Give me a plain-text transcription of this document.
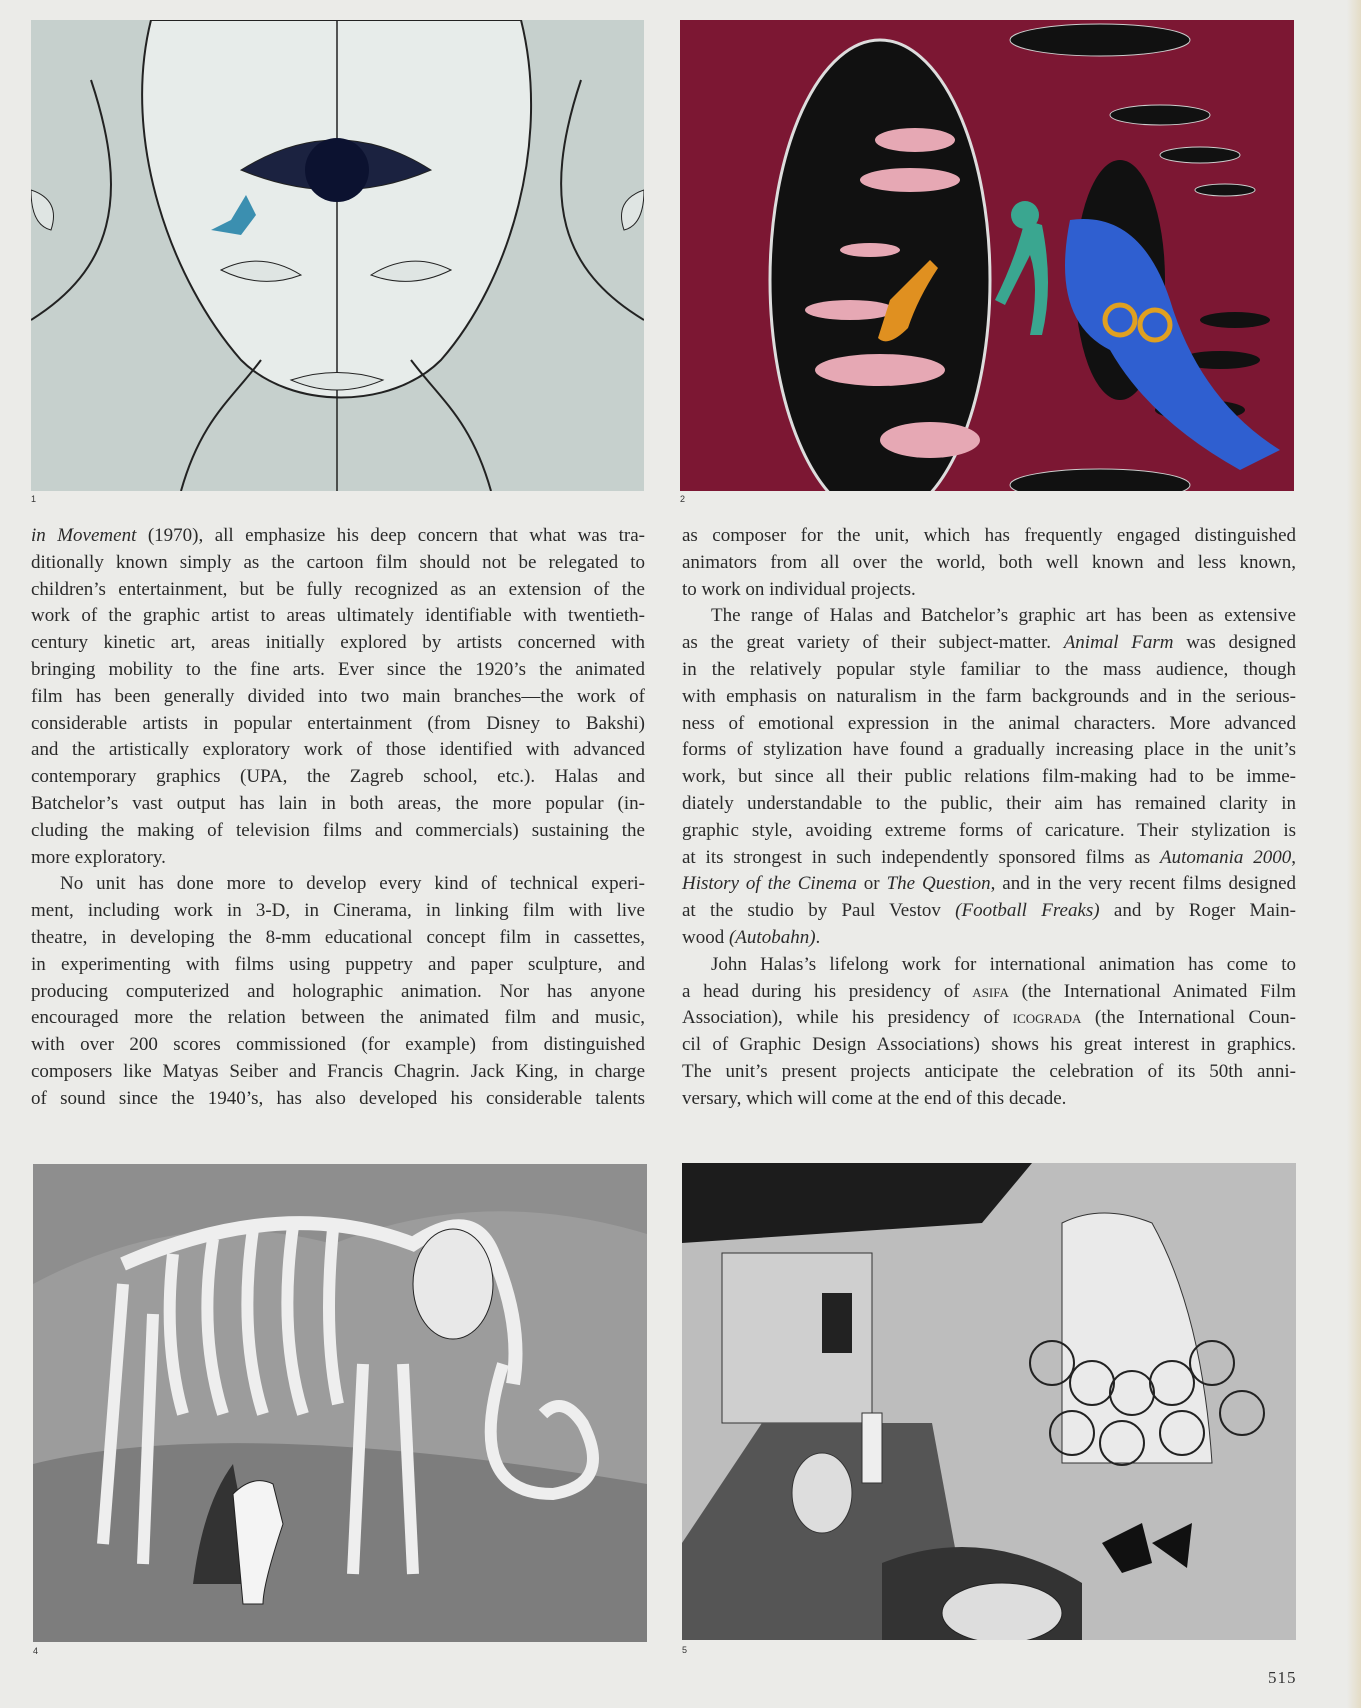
1	2
in Movement (1970), all emphasize his deep concern that what was tra-
ditionally known simply as the cartoon film should not be relegated to
children’s entertainment, but be fully recognized as an extension of the
work of the graphic artist to areas ultimately identifiable with twentieth-
century kinetic art, areas initially explored by artists concerned with
bringing mobility to the fine arts. Ever since the 1920’s the animated
film has been generally divided into two main branches—the work of
considerable artists in popular entertainment (from Disney to Bakshi)
and the artistically exploratory work of those identified with advanced
contemporary graphics (UPA, the Zagreb school, etc.). Halas and
Batchelor’s vast output has lain in both areas, the more popular (in-
cluding the making of television films and commercials) sustaining the
more exploratory.
No unit has done more to develop every kind of technical experi-
ment, including work in 3-D, in Cinerama, in linking film with live
theatre, in developing the 8-mm educational concept film in cassettes,
in experimenting with films using puppetry and paper sculpture, and
producing computerized and holographic animation. Nor has anyone
encouraged more the relation between the animated film and music,
with over 200 scores commissioned (for example) from distinguished
composers like Matyas Seiber and Francis Chagrin. Jack King, in charge
of sound since the 1940’s, has also developed his considerable talents
as composer for the unit, which has frequently engaged distinguished
animators from all over the world, both well known and less known,
to work on individual projects.
The range of Halas and Batchelor’s graphic art has been as extensive
as the great variety of their subject-matter. Animal Farm was designed
in the relatively popular style familiar to the mass audience, though
with emphasis on naturalism in the farm backgrounds and in the serious-
ness of emotional expression in the animal characters. More advanced
forms of stylization have found a gradually increasing place in the unit’s
work, but since all their public relations film-making had to be imme-
diately understandable to the public, their aim has remained clarity in
graphic style, avoiding extreme forms of caricature. Their stylization is
at its strongest in such independently sponsored films as Automania 2000,
History of the Cinema or The Question, and in the very recent films designed
at the studio by Paul Vestov (Football Freaks) and by Roger Main-
wood (Autobahn).
John Halas’s lifelong work for international animation has come to
a head during his presidency of asifa (the International Animated Film
Association), while his presidency of icograda (the International Coun-
cil of Graphic Design Associations) shows his great interest in graphics.
The unit’s present projects anticipate the celebration of its 50th anni-
versary, which will come at the end of this decade.
4	5
515
